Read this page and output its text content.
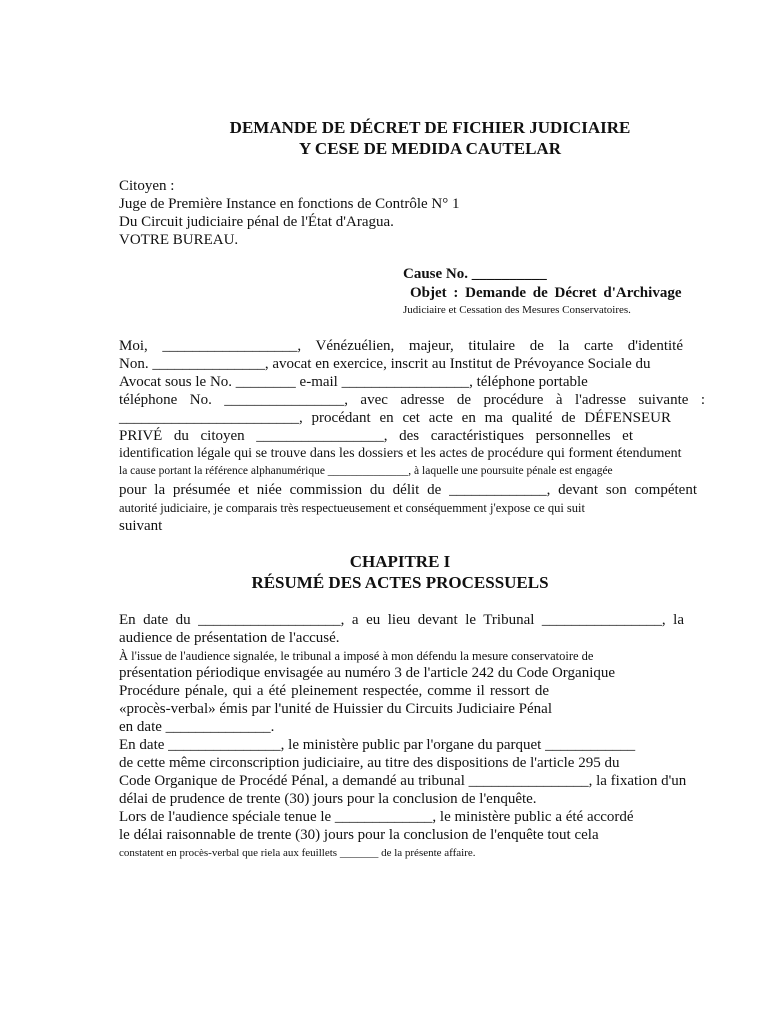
DEMANDE DE DÉCRET DE FICHIER JUDICIAIRE
Y CESE DE MEDIDA CAUTELAR

Citoyen :

Juge de Première Instance en fonctions de Contrôle N° 1

Du Circuit judiciaire pénal de l'État d'Aragua.

VOTRE BUREAU.

Cause No. __________

Objet : Demande de Décret d'Archivage

Judiciaire et Cessation des Mesures Conservatoires.

Moi, __________________, Vénézuélien, majeur, titulaire de la carte d'identité

Non. _______________, avocat en exercice, inscrit au Institut de Prévoyance Sociale du

Avocat sous le No. ________ e-mail _________________, téléphone portable

téléphone No. ________________, avec adresse de procédure à l'adresse suivante :

________________________, procédant en cet acte en ma qualité de DÉFENSEUR

PRIVÉ du citoyen _________________, des caractéristiques personnelles et

identification légale qui se trouve dans les dossiers et les actes de procédure qui forment étendument

la cause portant la référence alphanumérique ______________, à laquelle une poursuite pénale est engagée

pour la présumée et niée commission du délit de _____________, devant son compétent

autorité judiciaire, je comparais très respectueusement et conséquemment j'expose ce qui suit

suivant

CHAPITRE I
RÉSUMÉ DES ACTES PROCESSUELS

En date du ___________________, a eu lieu devant le Tribunal ________________, la

audience de présentation de l'accusé.

À l'issue de l'audience signalée, le tribunal a imposé à mon défendu la mesure conservatoire de

présentation périodique envisagée au numéro 3 de l'article 242 du Code Organique

Procédure pénale, qui a été pleinement respectée, comme il ressort de

«procès-verbal» émis par l'unité de Huissier du Circuits Judiciaire Pénal

en date ______________.

En date _______________, le ministère public par l'organe du parquet ____________

de cette même circonscription judiciaire, au titre des dispositions de l'article 295 du

Code Organique de Procédé Pénal, a demandé au tribunal ________________, la fixation d'un

délai de prudence de trente (30) jours pour la conclusion de l'enquête.

Lors de l'audience spéciale tenue le _____________, le ministère public a été accordé

le délai raisonnable de trente (30) jours pour la conclusion de l'enquête tout cela

constatent en procès-verbal que riela aux feuillets _______ de la présente affaire.
